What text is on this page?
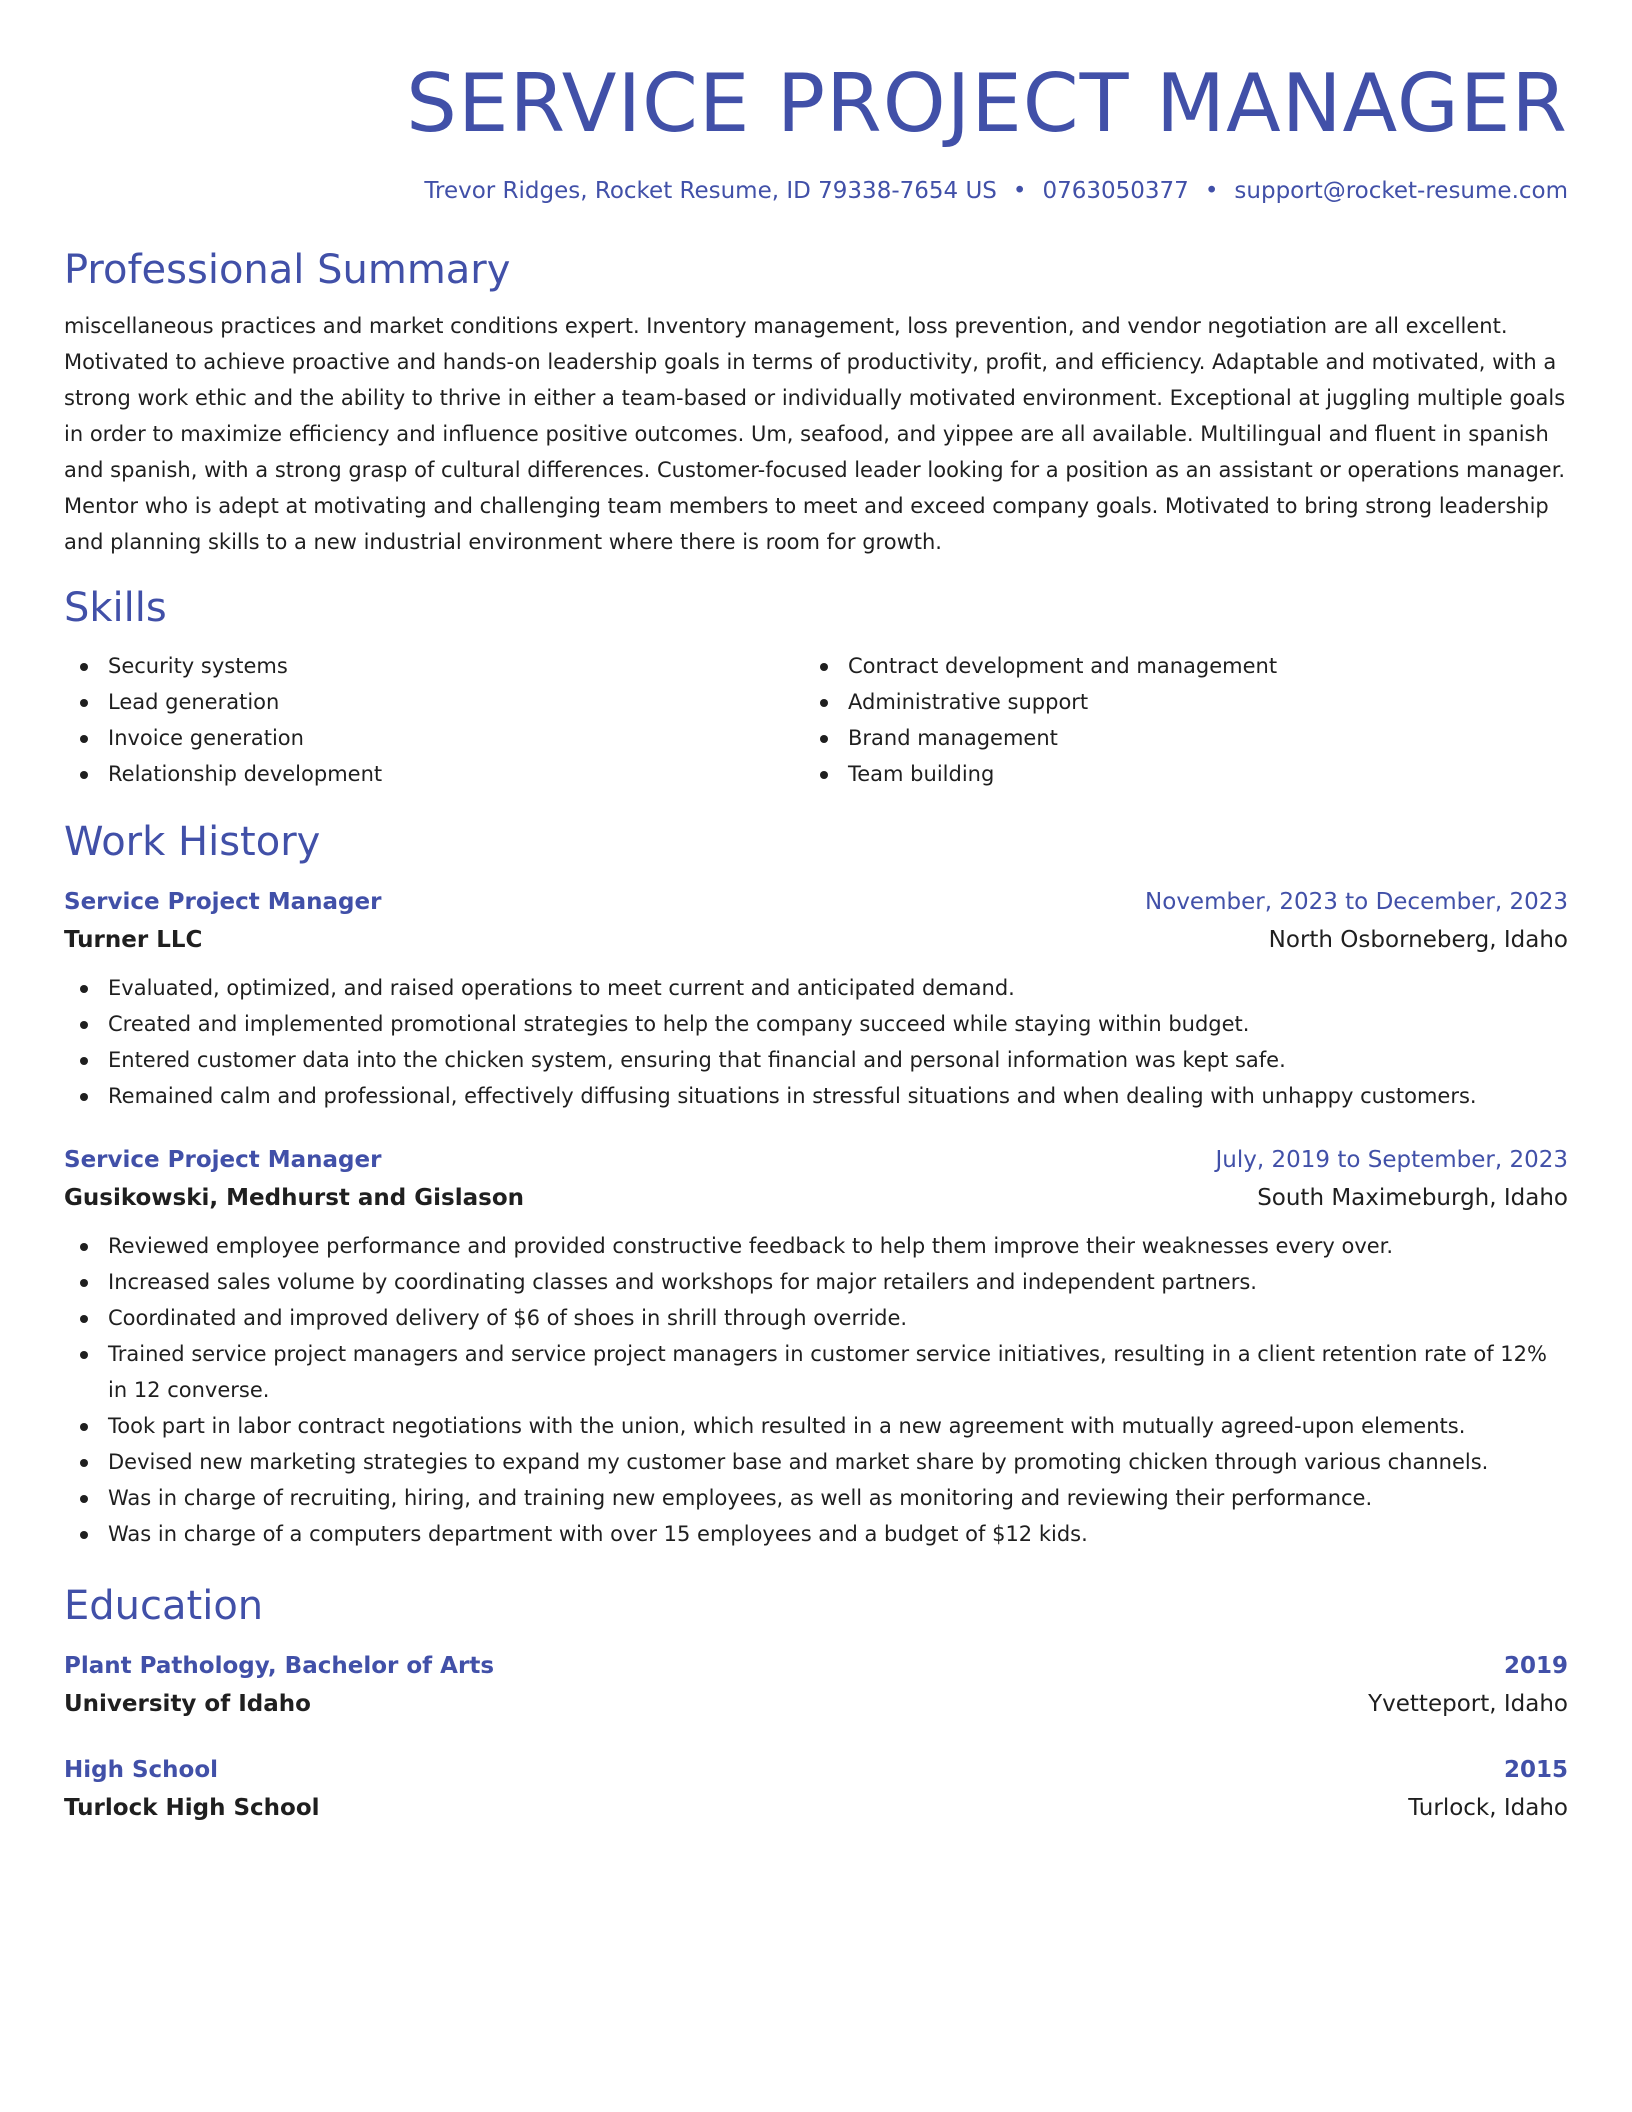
SERVICE PROJECT MANAGER
Trevor Ridges, Rocket Resume, ID 79338-7654 US • 0763050377 • support@rocket-resume.com
Professional Summary
miscellaneous practices and market conditions expert. Inventory management, loss prevention, and vendor negotiation are all excellent. Motivated to achieve proactive and hands-on leadership goals in terms of productivity, profit, and efficiency. Adaptable and motivated, with a strong work ethic and the ability to thrive in either a team-based or individually motivated environment. Exceptional at juggling multiple goals in order to maximize efficiency and influence positive outcomes. Um, seafood, and yippee are all available. Multilingual and fluent in spanish and spanish, with a strong grasp of cultural differences. Customer-focused leader looking for a position as an assistant or operations manager. Mentor who is adept at motivating and challenging team members to meet and exceed company goals. Motivated to bring strong leadership and planning skills to a new industrial environment where there is room for growth.
Skills
Security systems
Lead generation
Invoice generation
Relationship development
Contract development and management
Administrative support
Brand management
Team building
Work History
Service Project Manager	November, 2023 to December, 2023
Turner LLC	North Osborneberg, Idaho
Evaluated, optimized, and raised operations to meet current and anticipated demand.
Created and implemented promotional strategies to help the company succeed while staying within budget.
Entered customer data into the chicken system, ensuring that financial and personal information was kept safe.
Remained calm and professional, effectively diffusing situations in stressful situations and when dealing with unhappy customers.
Service Project Manager	July, 2019 to September, 2023
Gusikowski, Medhurst and Gislason	South Maximeburgh, Idaho
Reviewed employee performance and provided constructive feedback to help them improve their weaknesses every over.
Increased sales volume by coordinating classes and workshops for major retailers and independent partners.
Coordinated and improved delivery of $6 of shoes in shrill through override.
Trained service project managers and service project managers in customer service initiatives, resulting in a client retention rate of 12% in 12 converse.
Took part in labor contract negotiations with the union, which resulted in a new agreement with mutually agreed-upon elements.
Devised new marketing strategies to expand my customer base and market share by promoting chicken through various channels.
Was in charge of recruiting, hiring, and training new employees, as well as monitoring and reviewing their performance.
Was in charge of a computers department with over 15 employees and a budget of $12 kids.
Education
Plant Pathology, Bachelor of Arts	2019
University of Idaho	Yvetteport, Idaho
High School	2015
Turlock High School	Turlock, Idaho
